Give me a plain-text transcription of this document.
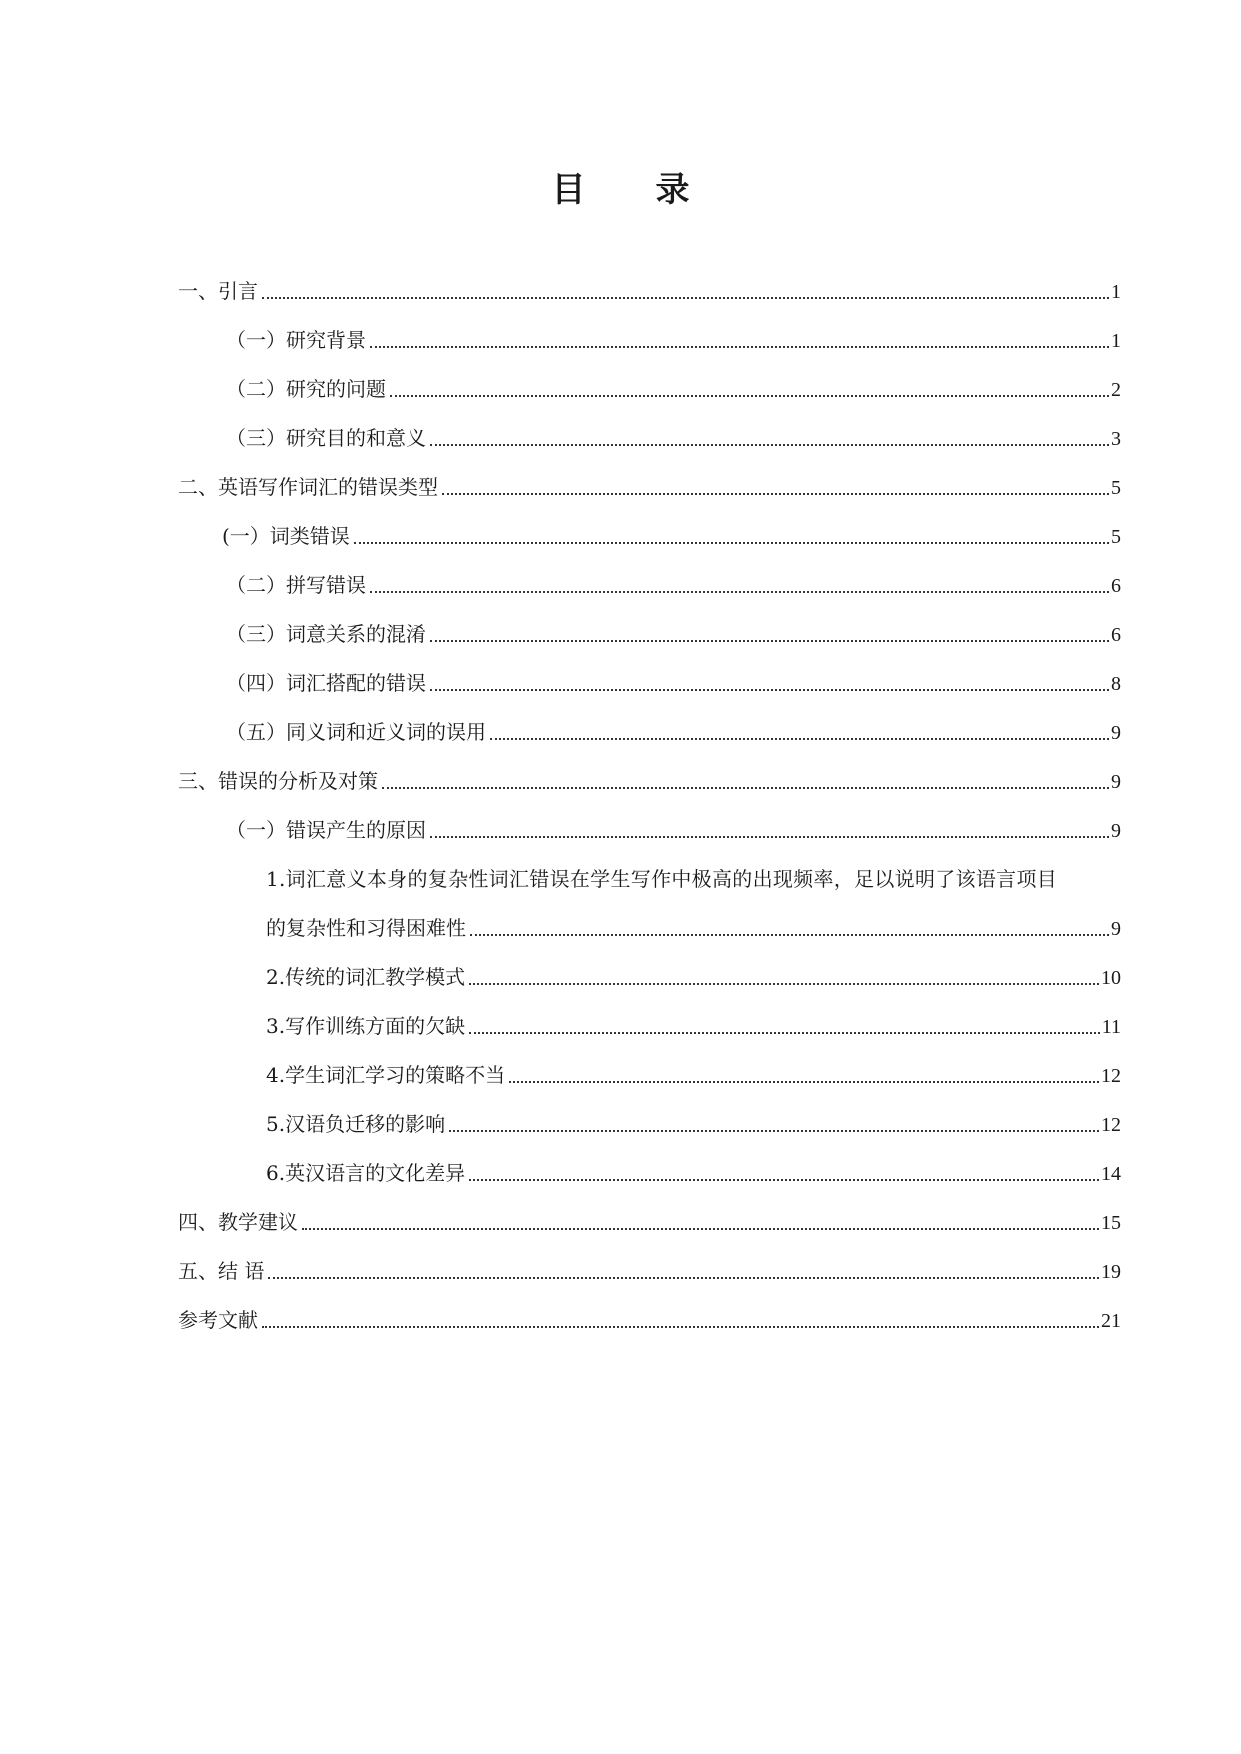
目　录
一、引言	1
（一）研究背景	1
（二）研究的问题	2
（三）研究目的和意义	3
二、英语写作词汇的错误类型	5
(一）词类错误	5
（二）拼写错误	6
（三）词意关系的混淆	6
（四）词汇搭配的错误	8
（五）同义词和近义词的误用	9
三、错误的分析及对策	9
（一）错误产生的原因	9
1.词汇意义本身的复杂性词汇错误在学生写作中极高的出现频率，足以说明了该语言项目
的复杂性和习得困难性	9
2.传统的词汇教学模式	10
3.写作训练方面的欠缺	11
4.学生词汇学习的策略不当	12
5.汉语负迁移的影响	12
6.英汉语言的文化差异	14
四、教学建议	15
五、结 语	19
参考文献	21
